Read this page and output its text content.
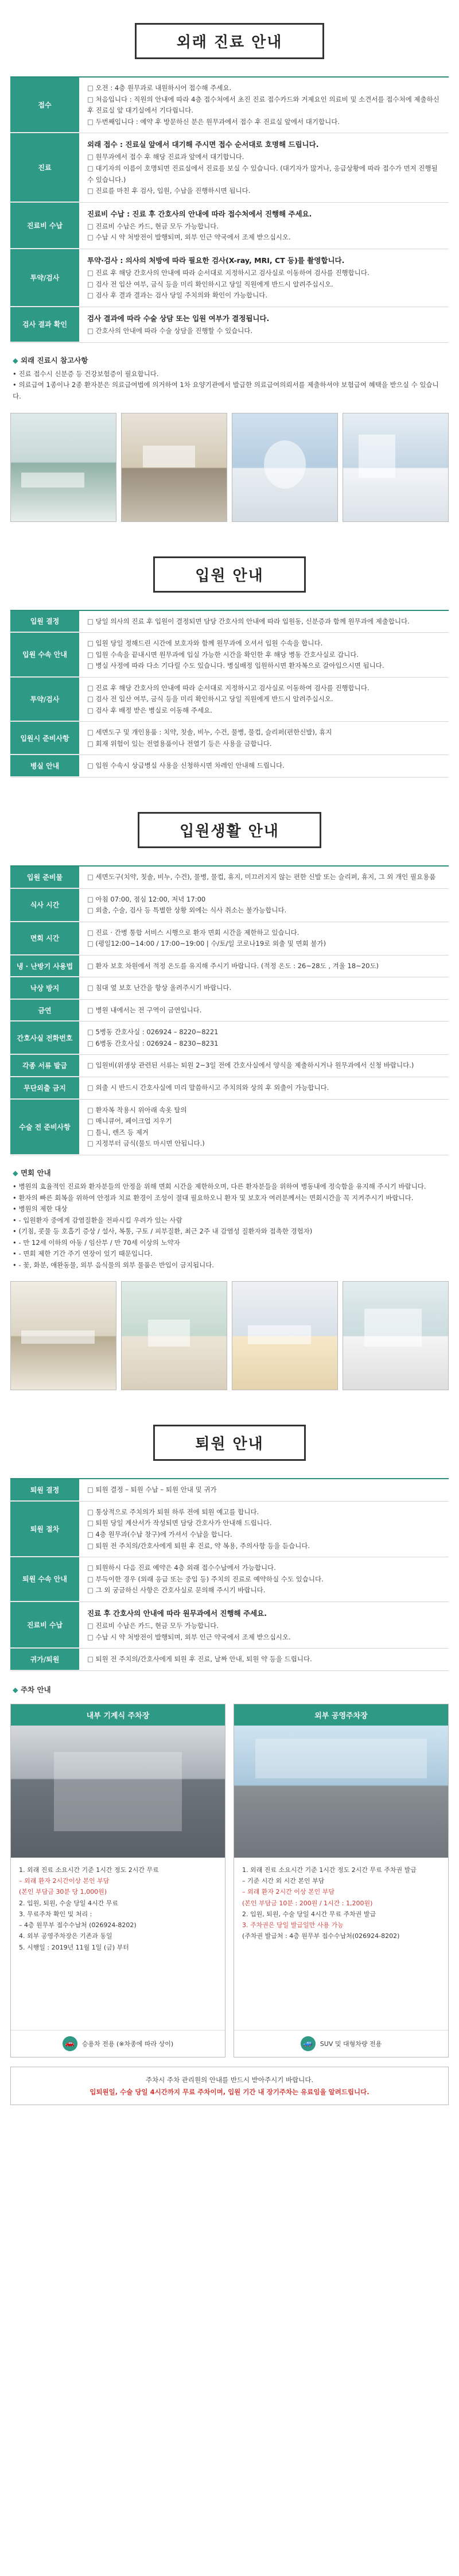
외래 진료 안내
접수
□ 오전 : 4층 원무과로 내원하시어 접수해 주세요.
□ 처음입니다 : 직원의 안내에 따라 4층 접수처에서 초진 진료 접수카드와 거제요인 의료비 및 소견서를 접수처에 제출하신 후 진료실 앞 대기실에서 기다립니다.
□ 두번째입니다 : 예약 후 방문하신 분은 원무과에서 접수 후 진료실 앞에서 대기합니다.
진료
외래 접수 : 진료실 앞에서 대기해 주시면 접수 순서대로 호명해 드립니다.
□ 원무과에서 접수 후 해당 진료과 앞에서 대기합니다.
□ 대기자의 이름이 호명되면 진료실에서 진료를 보실 수 있습니다. (대기자가 많거나, 응급상황에 따라 접수가 먼저 진행될 수 있습니다.)
□ 진료를 마친 후 검사, 입원, 수납을 진행하시면 됩니다.
진료비 수납
진료비 수납 : 진료 후 간호사의 안내에 따라 접수처에서 진행해 주세요.
□ 진료비 수납은 카드, 현금 모두 가능합니다.
□ 수납 시 약 처방전이 발행되며, 외부 인근 약국에서 조제 받으십시오.
투약/검사
투약·검사 : 의사의 처방에 따라 필요한 검사(X-ray, MRI, CT 등)를 촬영합니다.
□ 진료 후 해당 간호사의 안내에 따라 순서대로 지정하시고 검사실로 이동하여 검사를 진행합니다.
□ 검사 전 입산 여부, 금식 등을 미리 확인하시고 당일 직원에게 반드시 알려주십시오.
□ 검사 후 결과 결과는 검사 당일 주치의와 확인이 가능합니다.
검사 결과 확인
검사 결과에 따라 수술 상담 또는 입원 여부가 결정됩니다.
□ 간호사의 안내에 따라 수술 상담을 진행할 수 있습니다.
◆ 외래 진료시 참고사항
• 진료 접수시 신분증 등 건강보험증이 필요합니다.
• 의료급여 1종이나 2종 환자분은 의료급여법에 의거하여 1차 요양기관에서 발급한 의료급여의뢰서를 제출하셔야 보험급여 혜택을 받으실 수 있습니다.
입원 안내
입원 결정	□ 당일 의사의 진료 후 입원이 결정되면 담당 간호사의 안내에 따라 입원동, 신분증과 함께 원무과에 제출합니다.
입원 수속 안내
□ 입원 당일 정해드린 시간에 보호자와 함께 원무과에 오셔서 입원 수속을 합니다.
□ 입원 수속을 끝내시면 원무과에 입실 가능한 시간을 확인한 후 해당 병동 간호사실로 갑니다.
□ 병실 사정에 따라 다소 기다릴 수도 있습니다. 병실배정 입원하시면 환자복으로 갈아입으시면 됩니다.
투약/검사
□ 진료 후 해당 간호사의 안내에 따라 순서대로 지정하시고 검사실로 이동하여 검사를 진행합니다.
□ 검사 전 입산 여부, 금식 등을 미리 확인하시고 당일 직원에게 반드시 알려주십시오.
□ 검사 후 배정 받은 병실로 이동해 주세요.
입원시 준비사항
□ 세면도구 및 개인용품 : 치약, 칫솔, 비누, 수건, 물병, 물컵, 슬리퍼(편한신발), 휴지
□ 회재 위험이 있는 전열용품이나 전열기 등은 사용을 금합니다.
병실 안내	□ 입원 수속시 상급병실 사용을 신청하시면 차레인 안내해 드립니다.
입원생활 안내
입원 준비물	□ 세면도구(치약, 칫솔, 비누, 수건), 물병, 물컵, 휴지, 미끄러지지 않는 편한 신발 또는 슬리퍼, 휴지, 그 외 개인 필요용품
식사 시간
□ 아침 07:00, 점심 12:00, 저녁 17:00
□ 외출, 수술, 검사 등 특별한 상황 외에는 식사 취소는 불가능합니다.
면회 시간
□ 진료 · 간병 통합 서비스 시행으로 환자 면회 시간을 제한하고 있습니다.
□ (평일12:00~14:00 / 17:00~19:00 | 수/토/일 코로나19로 외출 및 면회 불가)
냉 · 난방기 사용법	□ 환자 보호 차원에서 적정 온도를 유지해 주시기 바랍니다. (적정 온도 : 26~28도 , 겨울 18~20도)
낙상 방지	□ 침대 옆 보호 난간을 항상 올려주시기 바랍니다.
금연	□ 병원 내에서는 전 구역이 금연입니다.
간호사실 전화번호
□ 5병동 간호사실 : 026924 – 8220~8221
□ 6병동 간호사실 : 026924 – 8230~8231
각종 서류 발급	□ 입원비(위생상 관련된 서류는 퇴원 2~3일 전에 간호사실에서 양식을 제출하시거나 원무과에서 신청 바랍니다.)
무단외출 금지	□ 외출 시 반드시 간호사실에 미리 말씀하시고 주치의와 상의 후 외출이 가능합니다.
수술 전 준비사항
□ 환자복 착용시 위아래 속옷 탈의
□ 매니큐어, 페이크업 지우기
□ 틀니, 렌즈 등 제거
□ 지정부터 금식(물도 마시면 안됩니다.)
◆ 면회 안내
• 병원의 효율적인 진료와 환자분들의 안정을 위해 면회 시간을 제한하오며, 다른 환자분들을 위하여 병동내에 정숙함을 유지해 주시기 바랍니다.
• 환자의 빠른 회복을 위하여 안정과 치료 환경이 조성이 절대 필요하오니 환자 및 보호자 여러분께서는 면회시간을 꼭 지켜주시기 바랍니다.
• 병원의 제한 대상
• - 입원환자 중에게 감염질환을 전파시킬 우려가 있는 사람
• (기침, 콧물 등 호흡기 증상 / 설사, 복통, 구토 / 피부질환, 최근 2주 내 감염성 질환자와 접촉한 경험자)
• - 만 12세 이하의 아동 / 임산부 / 만 70세 이상의 노약자
• - 면회 제한 기간 주기 연장이 있기 때문입니다.
• - 꽃, 화분, 애완동물, 외부 음식물의 외부 물품은 반입이 금지됩니다.
퇴원 안내
퇴원 결정	□ 퇴원 결정 – 퇴원 수납 – 퇴원 안내 및 귀가
퇴원 절차
□ 통상적으로 주치의가 퇴원 하루 전에 퇴원 예고를 합니다.
□ 퇴원 당일 계산서가 작성되면 담당 간호사가 안내해 드립니다.
□ 4층 원무과(수납 창구)에 가셔서 수납을 합니다.
□ 퇴원 전 주치의/간호사에게 퇴원 후 진료, 약 복용, 주의사항 등을 듣습니다.
퇴원 수속 안내
□ 퇴원하시 다음 진료 예약은 4층 외래 접수수납에서 가능합니다.
□ 부득이한 경우 (외래 응급 또는 중입 등) 주치의 진료로 예약하실 수도 있습니다.
□ 그 외 궁금하신 사항은 간호사실로 문의해 주시기 바랍니다.
진료비 수납
진료 후 간호사의 안내에 따라 원무과에서 진행해 주세요.
□ 진료비 수납은 카드, 현금 모두 가능합니다.
□ 수납 시 약 처방전이 발행되며, 외부 인근 약국에서 조제 받으십시오.
귀가/퇴원	□ 퇴원 전 주치의/간호사에게 퇴원 후 진료, 날짜 안내, 퇴원 약 등을 드립니다.
◆ 주차 안내
내부 기계식 주차장
1. 외래 진료 소요시간 기준 1시간 정도 2시간 무료
– 외래 환자 2시간이상 본인 부담
(본인 부담금 30분 당 1,000원)
2. 입원, 퇴원, 수술 당일 4시간 무료
3. 무료주차 확인 및 처리 :
– 4층 원무부 접수수납처 (026924-8202)
4. 외부 공영주차장은 기존과 동일
5. 시행일 : 2019년 11월 1일 (금) 부터
🚗	승용차 전용 (※차종에 따라 상이)
외부 공영주차장
1. 외래 진료 소요시간 기준 1시간 정도 2시간 무료 주차권 발급
– 기준 시간 외 시간 본인 부담
– 외래 환자 2시간 이상 본인 부담
(본인 부담금 10분 : 200원 / 1시간 : 1,200원)
2. 입원, 퇴원, 수술 당일 4시간 무료 주차권 발급
3. 주차권은 당일 발급일만 사용 가능
(주차권 발급처 : 4층 원무부 접수수납처(026924-8202)
🚙	SUV 및 대형차량 전용
주차시 주차 관리원의 안내를 반드시 받아주시기 바랍니다.
입퇴원일, 수술 당일 4시간까지 무료 주차이며, 입원 기간 내 장기주차는 유료임을 알려드립니다.
